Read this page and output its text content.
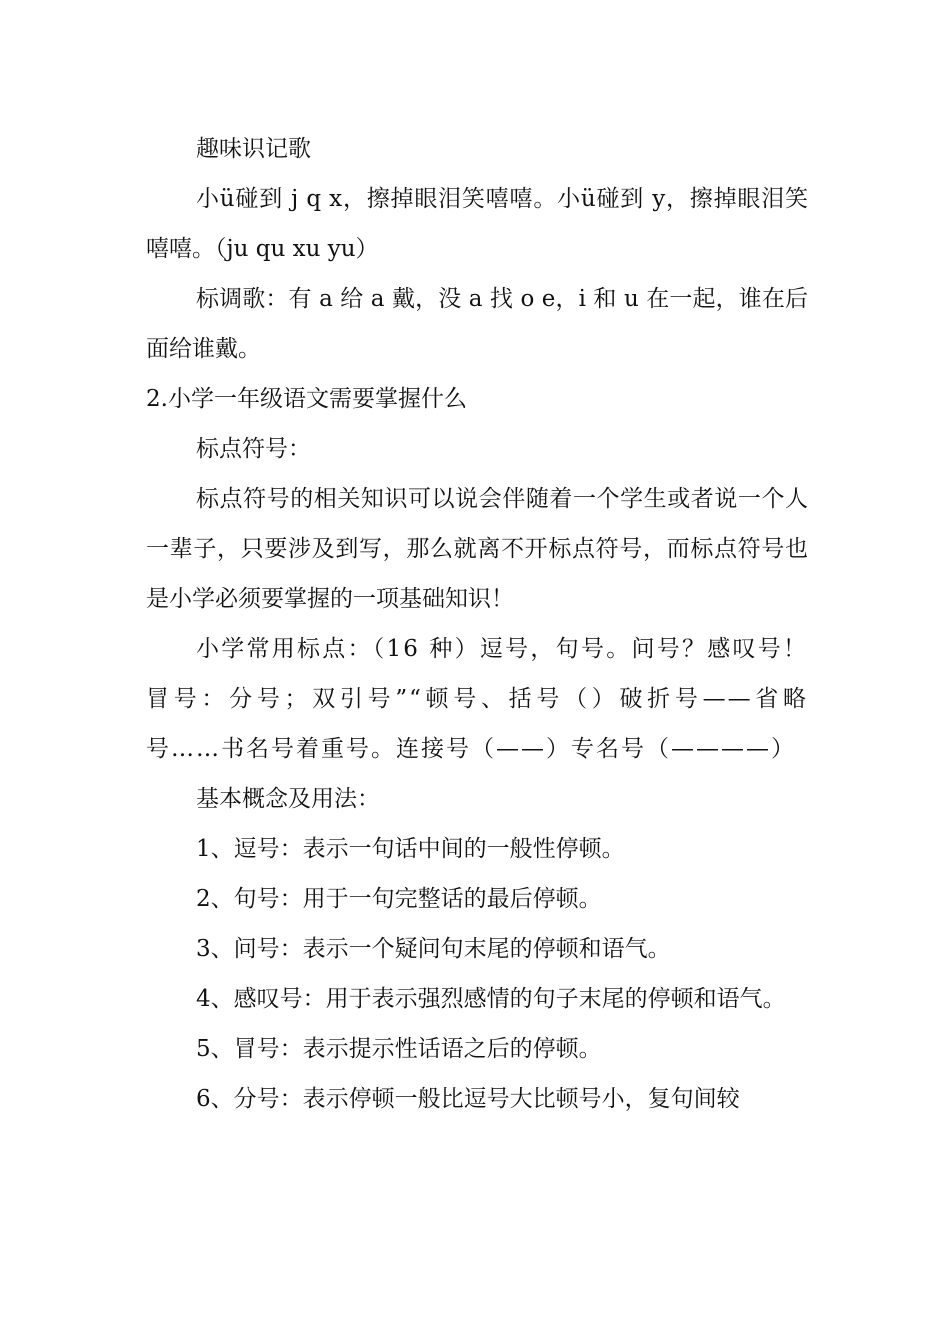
趣味识记歌

小ü碰到 j q x，擦掉眼泪笑嘻嘻。小ü碰到 y，擦掉眼泪笑嘻嘻。（ju qu xu yu）

标调歌：有 a 给 a 戴，没 a 找 o e，i 和 u 在一起，谁在后面给谁戴。

2.小学一年级语文需要掌握什么

标点符号：

标点符号的相关知识可以说会伴随着一个学生或者说一个人一辈子，只要涉及到写，那么就离不开标点符号，而标点符号也是小学必须要掌握的一项基础知识！

小学常用标点：（16 种）逗号，句号。问号？感叹号！冒号：分号；双引号”“顿号、括号（）破折号——省略号……书名号着重号。连接号（——）专名号（————）

基本概念及用法：

1、逗号：表示一句话中间的一般性停顿。

2、句号：用于一句完整话的最后停顿。

3、问号：表示一个疑问句末尾的停顿和语气。

4、感叹号：用于表示强烈感情的句子末尾的停顿和语气。

5、冒号：表示提示性话语之后的停顿。

6、分号：表示停顿一般比逗号大比顿号小，复句间较
